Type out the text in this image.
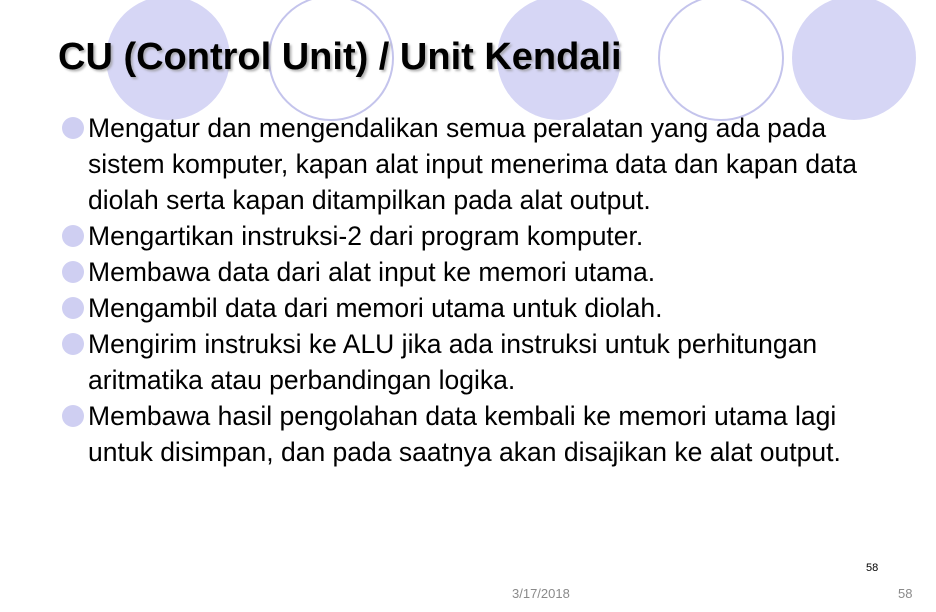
CU (Control Unit) / Unit Kendali
Mengatur dan mengendalikan semua peralatan yang ada pada sistem komputer, kapan alat input menerima data dan kapan data diolah serta kapan ditampilkan pada alat output.
Mengartikan instruksi-2 dari program komputer.
Membawa data dari alat input ke memori utama.
Mengambil data dari memori utama untuk diolah.
Mengirim instruksi ke ALU jika ada instruksi untuk perhitungan aritmatika atau perbandingan logika.
Membawa hasil pengolahan data kembali ke memori utama lagi untuk disimpan, dan pada saatnya akan disajikan ke alat output.
58
3/17/2018	58
